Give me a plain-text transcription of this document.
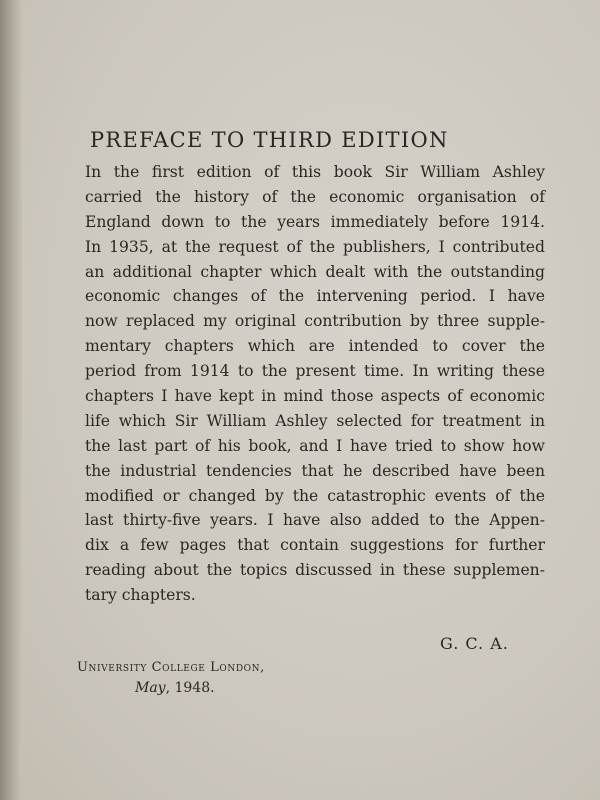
PREFACE TO THIRD EDITION
In the first edition of this book Sir William Ashley
carried the history of the economic organisation of
England down to the years immediately before 1914.
In 1935, at the request of the publishers, I contributed
an additional chapter which dealt with the outstanding
economic changes of the intervening period. I have
now replaced my original contribution by three supple-
mentary chapters which are intended to cover the
period from 1914 to the present time. In writing these
chapters I have kept in mind those aspects of economic
life which Sir William Ashley selected for treatment in
the last part of his book, and I have tried to show how
the industrial tendencies that he described have been
modified or changed by the catastrophic events of the
last thirty-five years. I have also added to the Appen-
dix a few pages that contain suggestions for further
reading about the topics discussed in these supplemen-
tary chapters.
G. C. A.
University College London,
May, 1948.
